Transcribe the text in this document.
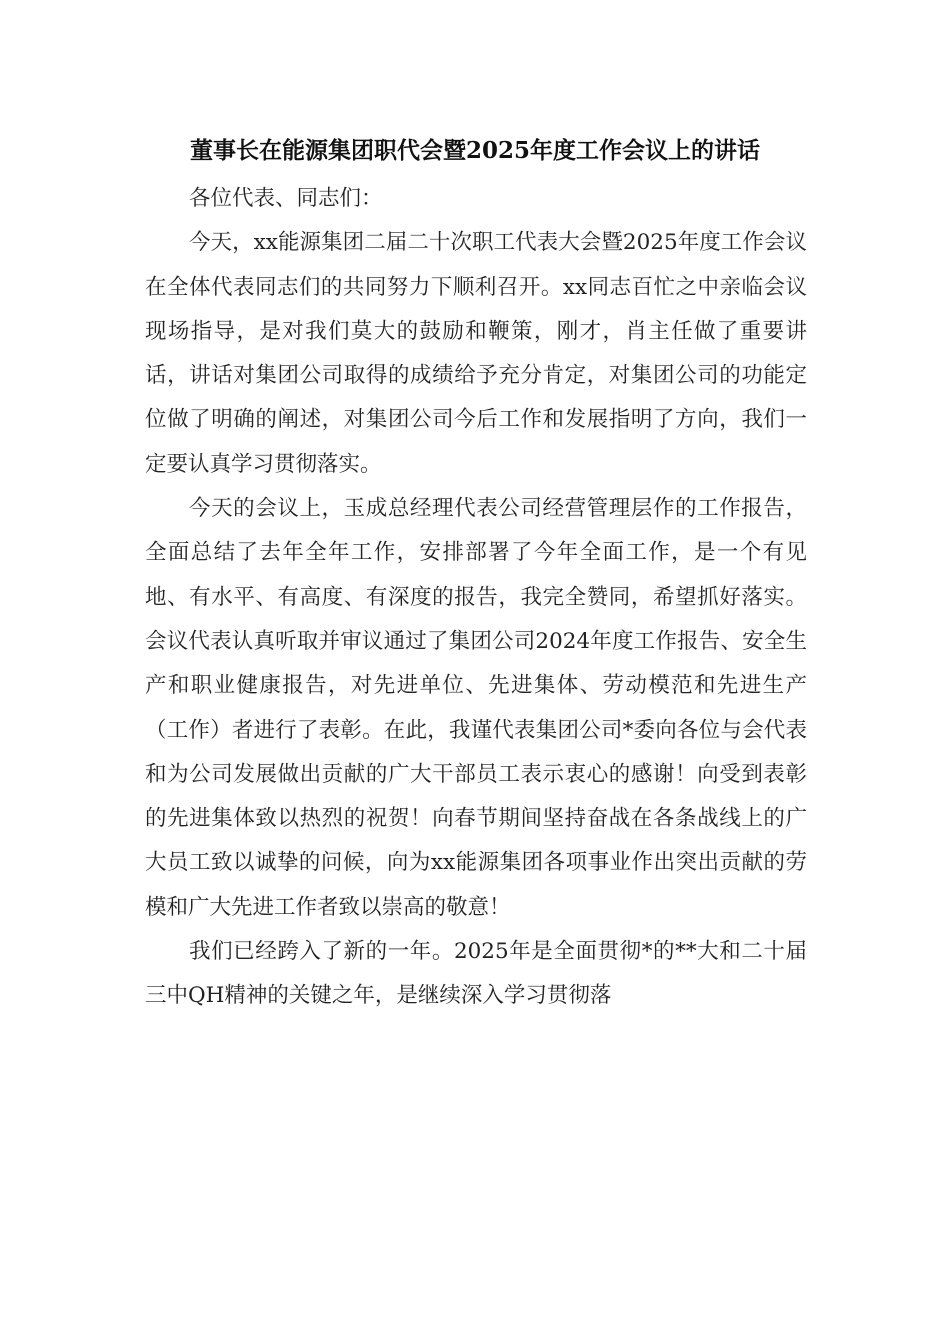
董事长在能源集团职代会暨2025年度工作会议上的讲话

各位代表、同志们：

今天，xx能源集团二届二十次职工代表大会暨2025年度工作会议在全体代表同志们的共同努力下顺利召开。xx同志百忙之中亲临会议现场指导，是对我们莫大的鼓励和鞭策，刚才，肖主任做了重要讲话，讲话对集团公司取得的成绩给予充分肯定，对集团公司的功能定位做了明确的阐述，对集团公司今后工作和发展指明了方向，我们一定要认真学习贯彻落实。

今天的会议上，玉成总经理代表公司经营管理层作的工作报告，全面总结了去年全年工作，安排部署了今年全面工作，是一个有见地、有水平、有高度、有深度的报告，我完全赞同，希望抓好落实。会议代表认真听取并审议通过了集团公司2024年度工作报告、安全生产和职业健康报告，对先进单位、先进集体、劳动模范和先进生产（工作）者进行了表彰。在此，我谨代表集团公司*委向各位与会代表和为公司发展做出贡献的广大干部员工表示衷心的感谢！向受到表彰的先进集体致以热烈的祝贺！向春节期间坚持奋战在各条战线上的广大员工致以诚挚的问候，向为xx能源集团各项事业作出突出贡献的劳模和广大先进工作者致以崇高的敬意！

我们已经跨入了新的一年。2025年是全面贯彻*的**大和二十届三中QH精神的关键之年，是继续深入学习贯彻落
